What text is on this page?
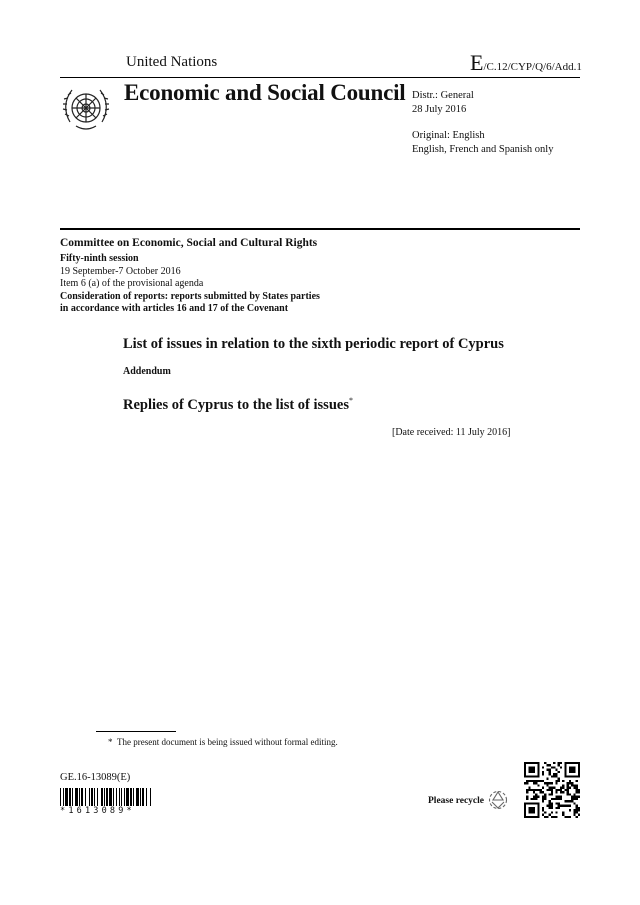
United Nations	E/C.12/CYP/Q/6/Add.1
Economic and Social Council Distr.: General
28 July 2016
Original: English
English, French and Spanish only
Committee on Economic, Social and Cultural Rights
Fifty-ninth session
19 September-7 October 2016
Item 6 (a) of the provisional agenda
Consideration of reports: reports submitted by States parties
in accordance with articles 16 and 17 of the Covenant
List of issues in relation to the sixth periodic report of Cyprus
Addendum
Replies of Cyprus to the list of issues*
[Date received: 11 July 2016]
* The present document is being issued without formal editing.
GE.16-13089(E)
*1613089*
Please recycle
